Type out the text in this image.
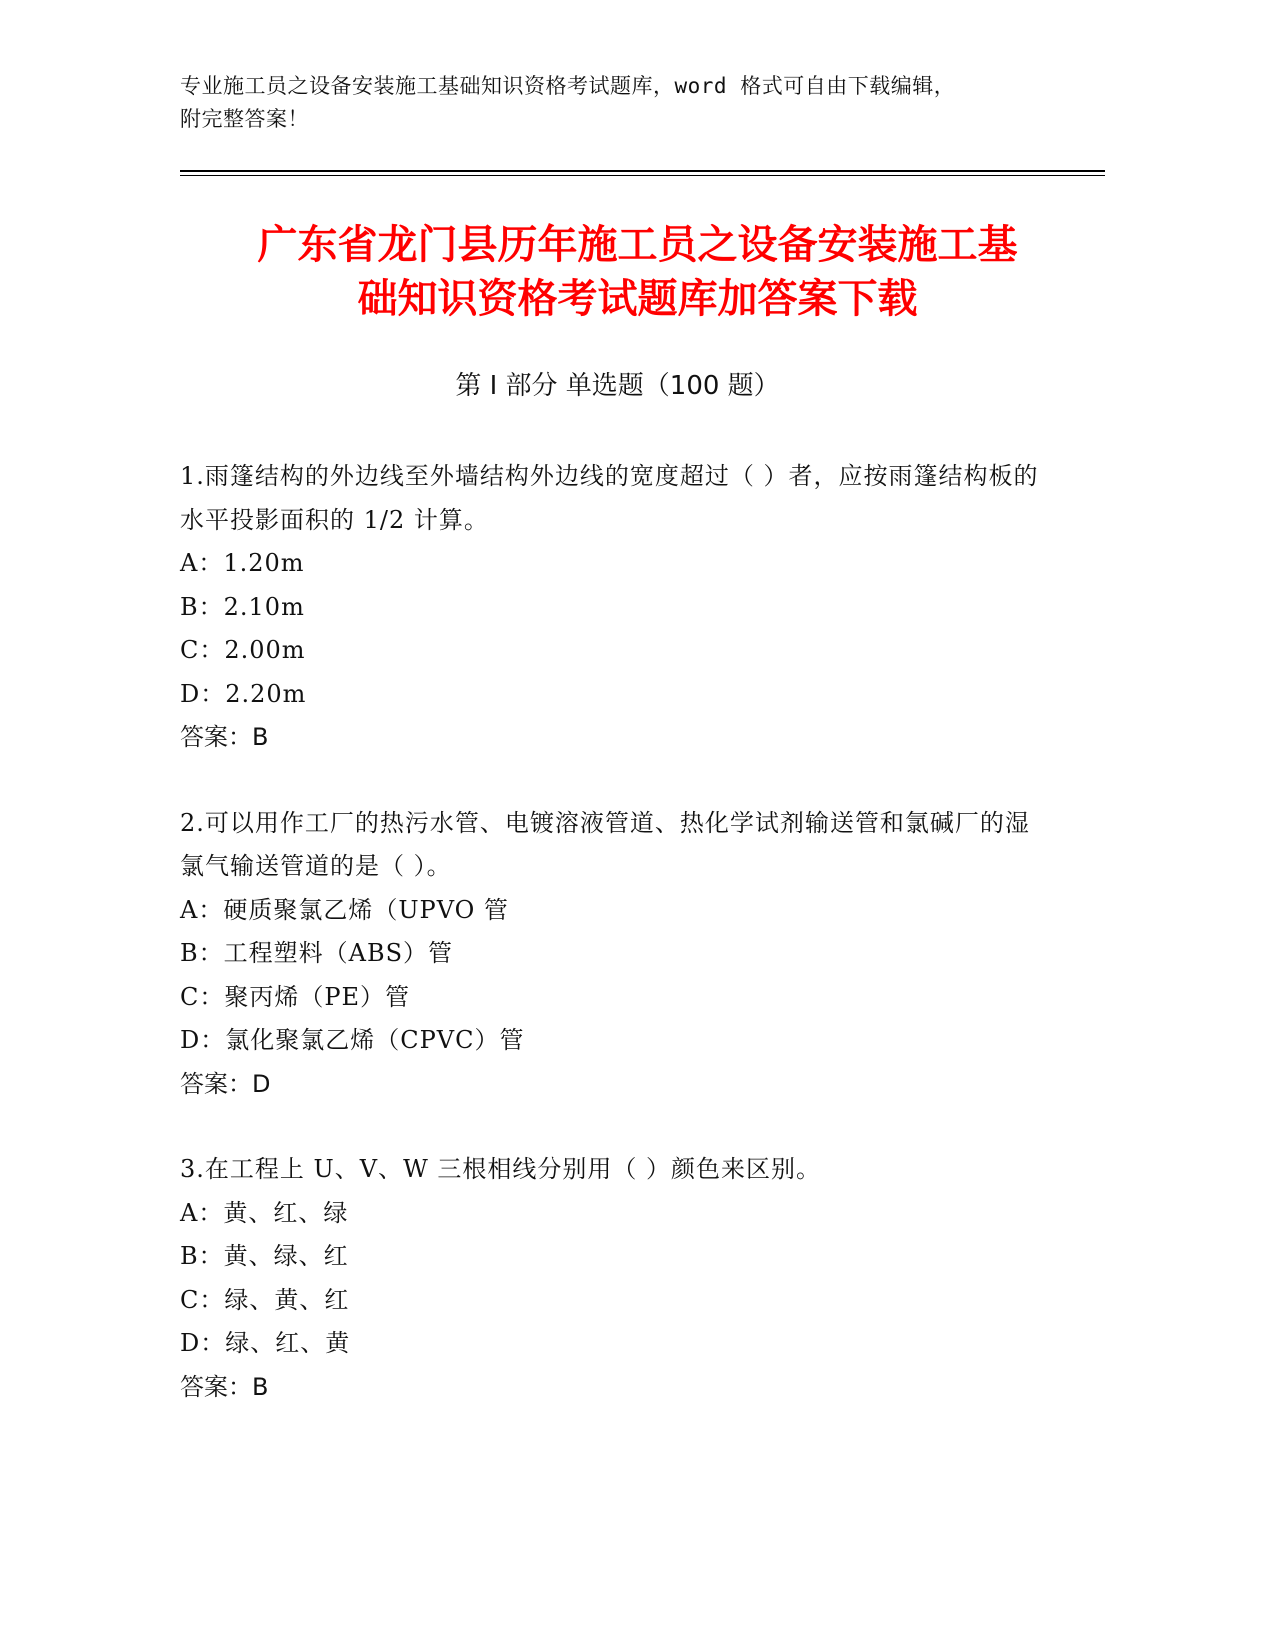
专业施工员之设备安装施工基础知识资格考试题库，word 格式可自由下载编辑，
附完整答案！
广东省龙门县历年施工员之设备安装施工基
础知识资格考试题库加答案下载
第 I 部分 单选题（100 题）

1.雨篷结构的外边线至外墙结构外边线的宽度超过（ ）者，应按雨篷结构板的水平投影面积的 1/2 计算。

A：1.20m

B：2.10m

C：2.00m

D：2.20m

答案：B

2.可以用作工厂的热污水管、电镀溶液管道、热化学试剂输送管和氯碱厂的湿氯气输送管道的是（ ）。

A：硬质聚氯乙烯（UPVO 管

B：工程塑料（ABS）管

C：聚丙烯（PE）管

D：氯化聚氯乙烯（CPVC）管

答案：D

3.在工程上 U、V、W 三根相线分别用（ ）颜色来区别。

A：黄、红、绿

B：黄、绿、红

C：绿、黄、红

D：绿、红、黄

答案：B
